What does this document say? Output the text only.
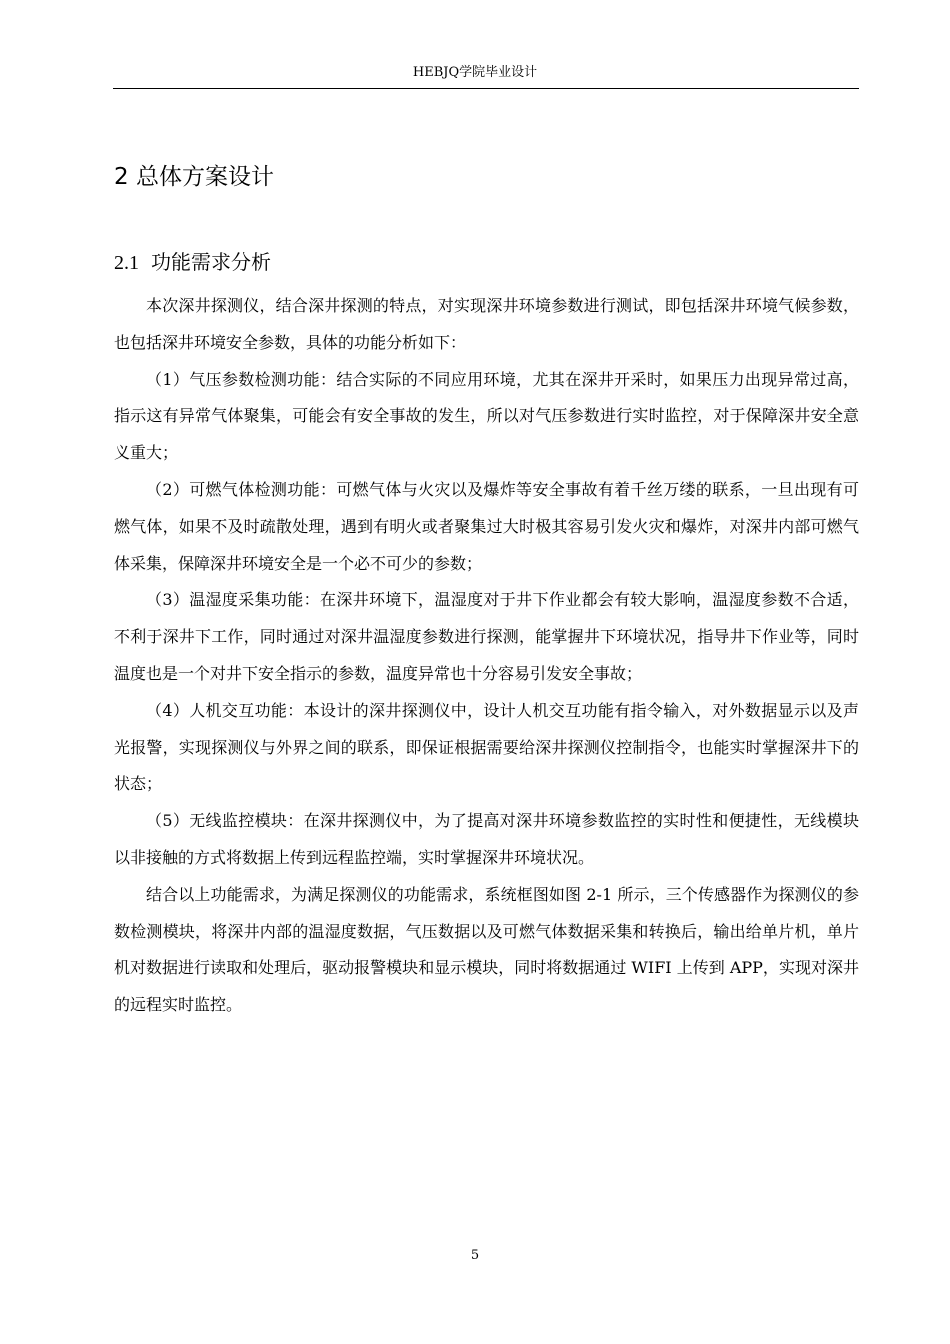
HEBJQ学院毕业设计
2 总体方案设计
2.1 功能需求分析

本次深井探测仪，结合深井探测的特点，对实现深井环境参数进行测试，即包括深井环境气候参数，也包括深井环境安全参数，具体的功能分析如下：

（1）气压参数检测功能：结合实际的不同应用环境，尤其在深井开采时，如果压力出现异常过高，指示这有异常气体聚集，可能会有安全事故的发生，所以对气压参数进行实时监控，对于保障深井安全意义重大；

（2）可燃气体检测功能：可燃气体与火灾以及爆炸等安全事故有着千丝万缕的联系，一旦出现有可燃气体，如果不及时疏散处理，遇到有明火或者聚集过大时极其容易引发火灾和爆炸，对深井内部可燃气体采集，保障深井环境安全是一个必不可少的参数；

（3）温湿度采集功能：在深井环境下，温湿度对于井下作业都会有较大影响，温湿度参数不合适，不利于深井下工作，同时通过对深井温湿度参数进行探测，能掌握井下环境状况，指导井下作业等，同时温度也是一个对井下安全指示的参数，温度异常也十分容易引发安全事故；

（4）人机交互功能：本设计的深井探测仪中，设计人机交互功能有指令输入，对外数据显示以及声光报警，实现探测仪与外界之间的联系，即保证根据需要给深井探测仪控制指令，也能实时掌握深井下的状态；

（5）无线监控模块：在深井探测仪中，为了提高对深井环境参数监控的实时性和便捷性，无线模块以非接触的方式将数据上传到远程监控端，实时掌握深井环境状况。

结合以上功能需求，为满足探测仪的功能需求，系统框图如图 2-1 所示，三个传感器作为探测仪的参数检测模块，将深井内部的温湿度数据，气压数据以及可燃气体数据采集和转换后，输出给单片机，单片机对数据进行读取和处理后，驱动报警模块和显示模块，同时将数据通过 WIFI 上传到 APP，实现对深井的远程实时监控。

5
